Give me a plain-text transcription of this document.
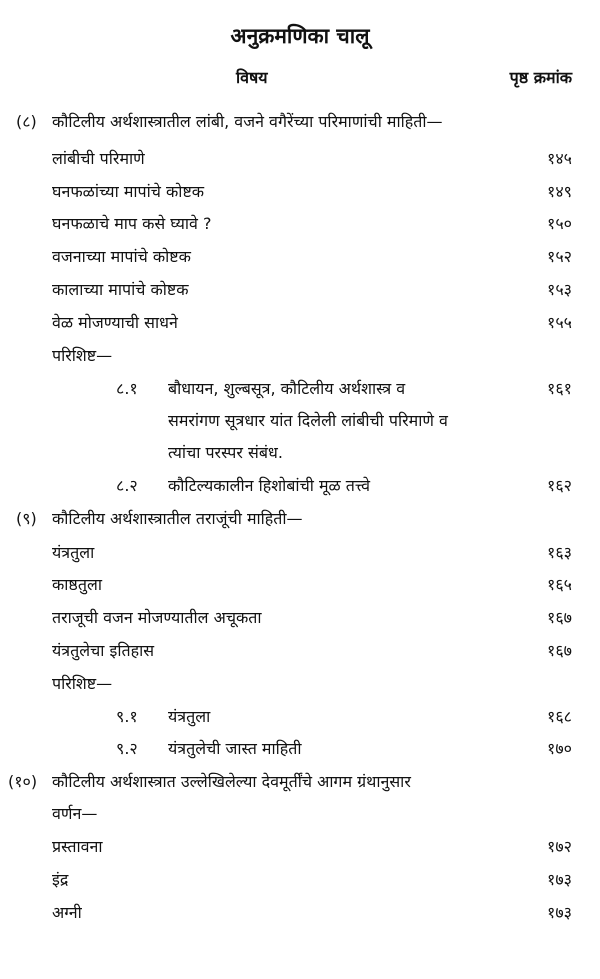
अनुक्रमणिका चालू
विषय	पृष्ठ क्रमांक
(८) कौटिलीय अर्थशास्त्रातील लांबी, वजने वगैरेंच्या परिमाणांची माहिती—
लांबीची परिमाणे	१४५
घनफळांच्या मापांचे कोष्टक	१४९
घनफळाचे माप कसे घ्यावे ?	१५०
वजनाच्या मापांचे कोष्टक	१५२
कालाच्या मापांचे कोष्टक	१५३
वेळ मोजण्याची साधने	१५५
परिशिष्ट—
८.१ बौधायन, शुल्बसूत्र, कौटिलीय अर्थशास्त्र व	१६१
समरांगण सूत्रधार यांत दिलेली लांबीची परिमाणे व
त्यांचा परस्पर संबंध.
८.२ कौटिल्यकालीन हिशोबांची मूळ तत्त्वे	१६२
(९) कौटिलीय अर्थशास्त्रातील तराजूंची माहिती—
यंत्रतुला	१६३
काष्ठतुला	१६५
तराजूची वजन मोजण्यातील अचूकता	१६७
यंत्रतुलेचा इतिहास	१६७
परिशिष्ट—
९.१ यंत्रतुला	१६८
९.२ यंत्रतुलेची जास्त माहिती	१७०
(१०) कौटिलीय अर्थशास्त्रात उल्लेखिलेल्या देवमूर्तींचे आगम ग्रंथानुसार
वर्णन—
प्रस्तावना	१७२
इंद्र	१७३
अग्नी	१७३
